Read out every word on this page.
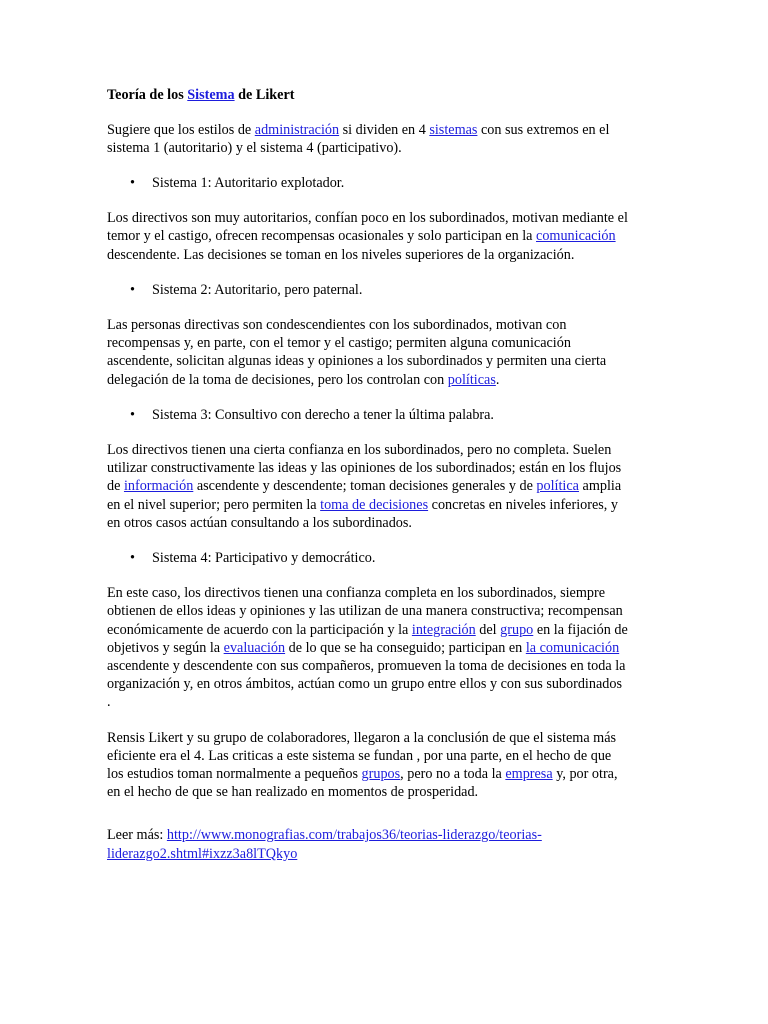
Teoría de los Sistema de Likert

Sugiere que los estilos de administración si dividen en 4 sistemas con sus extremos en el

sistema 1 (autoritario) y el sistema 4 (participativo).

• Sistema 1: Autoritario explotador.

Los directivos son muy autoritarios, confían poco en los subordinados, motivan mediante el

temor y el castigo, ofrecen recompensas ocasionales y solo participan en la comunicación

descendente. Las decisiones se toman en los niveles superiores de la organización.

• Sistema 2: Autoritario, pero paternal.

Las personas directivas son condescendientes con los subordinados, motivan con

recompensas y, en parte, con el temor y el castigo; permiten alguna comunicación

ascendente, solicitan algunas ideas y opiniones a los subordinados y permiten una cierta

delegación de la toma de decisiones, pero los controlan con políticas.

• Sistema 3: Consultivo con derecho a tener la última palabra.

Los directivos tienen una cierta confianza en los subordinados, pero no completa. Suelen

utilizar constructivamente las ideas y las opiniones de los subordinados; están en los flujos

de información ascendente y descendente; toman decisiones generales y de política amplia

en el nivel superior; pero permiten la toma de decisiones concretas en niveles inferiores, y

en otros casos actúan consultando a los subordinados.

• Sistema 4: Participativo y democrático.

En este caso, los directivos tienen una confianza completa en los subordinados, siempre

obtienen de ellos ideas y opiniones y las utilizan de una manera constructiva; recompensan

económicamente de acuerdo con la participación y la integración del grupo en la fijación de

objetivos y según la evaluación de lo que se ha conseguido; participan en la comunicación

ascendente y descendente con sus compañeros, promueven la toma de decisiones en toda la

organización y, en otros ámbitos, actúan como un grupo entre ellos y con sus subordinados

.

Rensis Likert y su grupo de colaboradores, llegaron a la conclusión de que el sistema más

eficiente era el 4. Las criticas a este sistema se fundan , por una parte, en el hecho de que

los estudios toman normalmente a pequeños grupos, pero no a toda la empresa y, por otra,

en el hecho de que se han realizado en momentos de prosperidad.

Leer más: http://www.monografias.com/trabajos36/teorias-liderazgo/teorias-

liderazgo2.shtml#ixzz3a8lTQkyo
